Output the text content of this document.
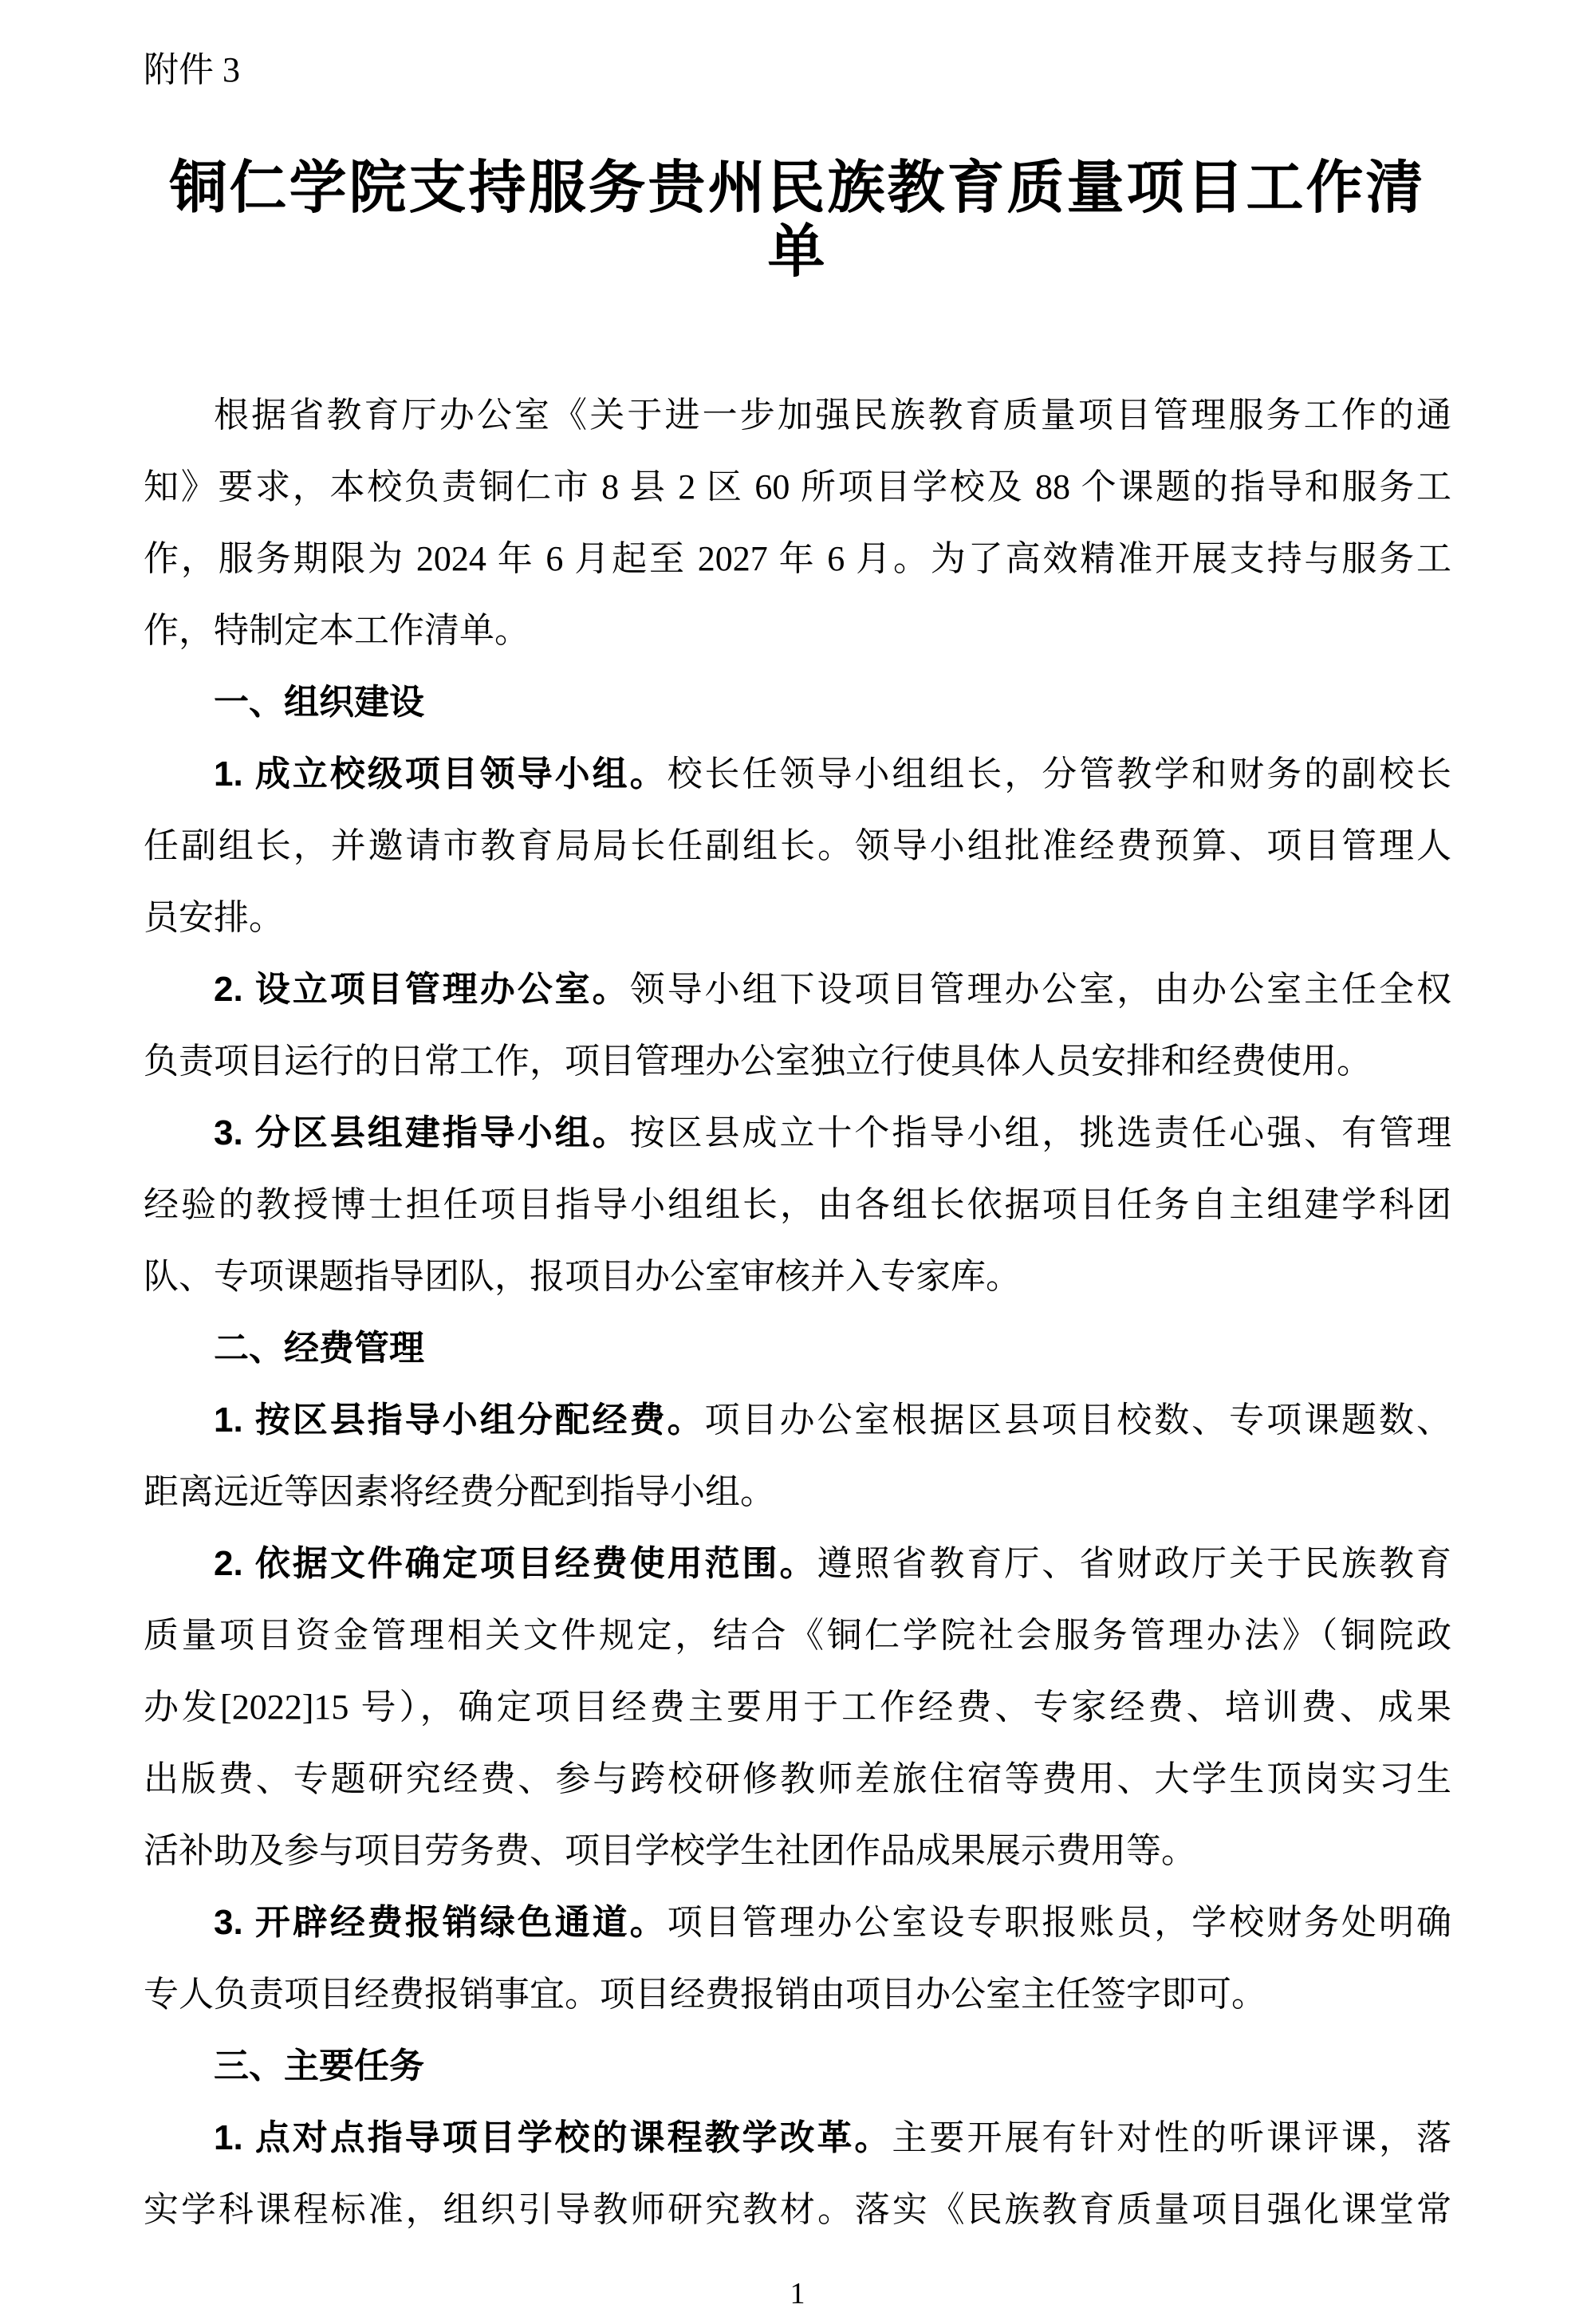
附件 3
铜仁学院支持服务贵州民族教育质量项目工作清单
根据省教育厅办公室《关于进一步加强民族教育质量项目管理服务工作的通
知》要求，本校负责铜仁市 8 县 2 区 60 所项目学校及 88 个课题的指导和服务工
作，服务期限为 2024 年 6 月起至 2027 年 6 月。为了高效精准开展支持与服务工
作，特制定本工作清单。
一、组织建设
1. 成立校级项目领导小组。校长任领导小组组长，分管教学和财务的副校长
任副组长，并邀请市教育局局长任副组长。领导小组批准经费预算、项目管理人
员安排。
2. 设立项目管理办公室。领导小组下设项目管理办公室，由办公室主任全权
负责项目运行的日常工作，项目管理办公室独立行使具体人员安排和经费使用。
3. 分区县组建指导小组。按区县成立十个指导小组，挑选责任心强、有管理
经验的教授博士担任项目指导小组组长，由各组长依据项目任务自主组建学科团
队、专项课题指导团队，报项目办公室审核并入专家库。
二、经费管理
1. 按区县指导小组分配经费。项目办公室根据区县项目校数、专项课题数、
距离远近等因素将经费分配到指导小组。
2. 依据文件确定项目经费使用范围。遵照省教育厅、省财政厅关于民族教育
质量项目资金管理相关文件规定，结合《铜仁学院社会服务管理办法》（铜院政
办发[2022]15 号），确定项目经费主要用于工作经费、专家经费、培训费、成果
出版费、专题研究经费、参与跨校研修教师差旅住宿等费用、大学生顶岗实习生
活补助及参与项目劳务费、项目学校学生社团作品成果展示费用等。
3. 开辟经费报销绿色通道。项目管理办公室设专职报账员，学校财务处明确
专人负责项目经费报销事宜。项目经费报销由项目办公室主任签字即可。
三、主要任务
1. 点对点指导项目学校的课程教学改革。主要开展有针对性的听课评课，落
实学科课程标准，组织引导教师研究教材。落实《民族教育质量项目强化课堂常
1
